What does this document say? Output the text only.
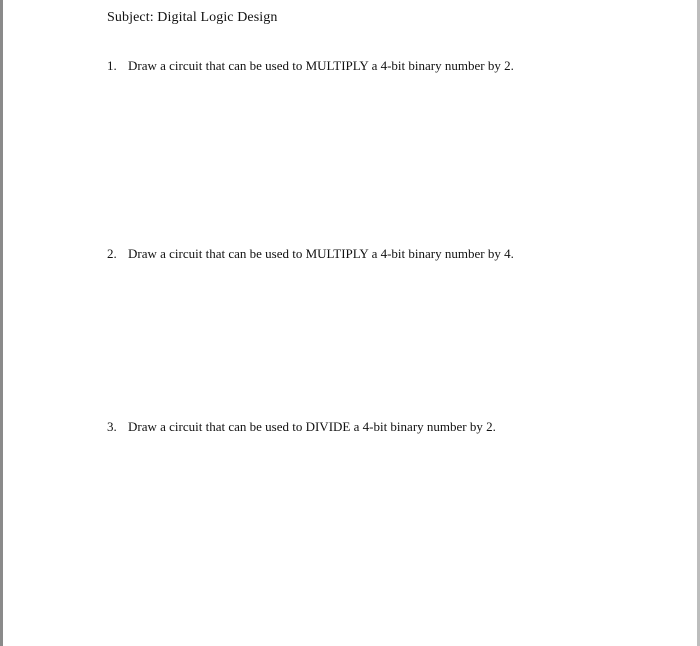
Subject: Digital Logic Design
1. Draw a circuit that can be used to MULTIPLY a 4-bit binary number by 2.
2. Draw a circuit that can be used to MULTIPLY a 4-bit binary number by 4.
3. Draw a circuit that can be used to DIVIDE a 4-bit binary number by 2.
